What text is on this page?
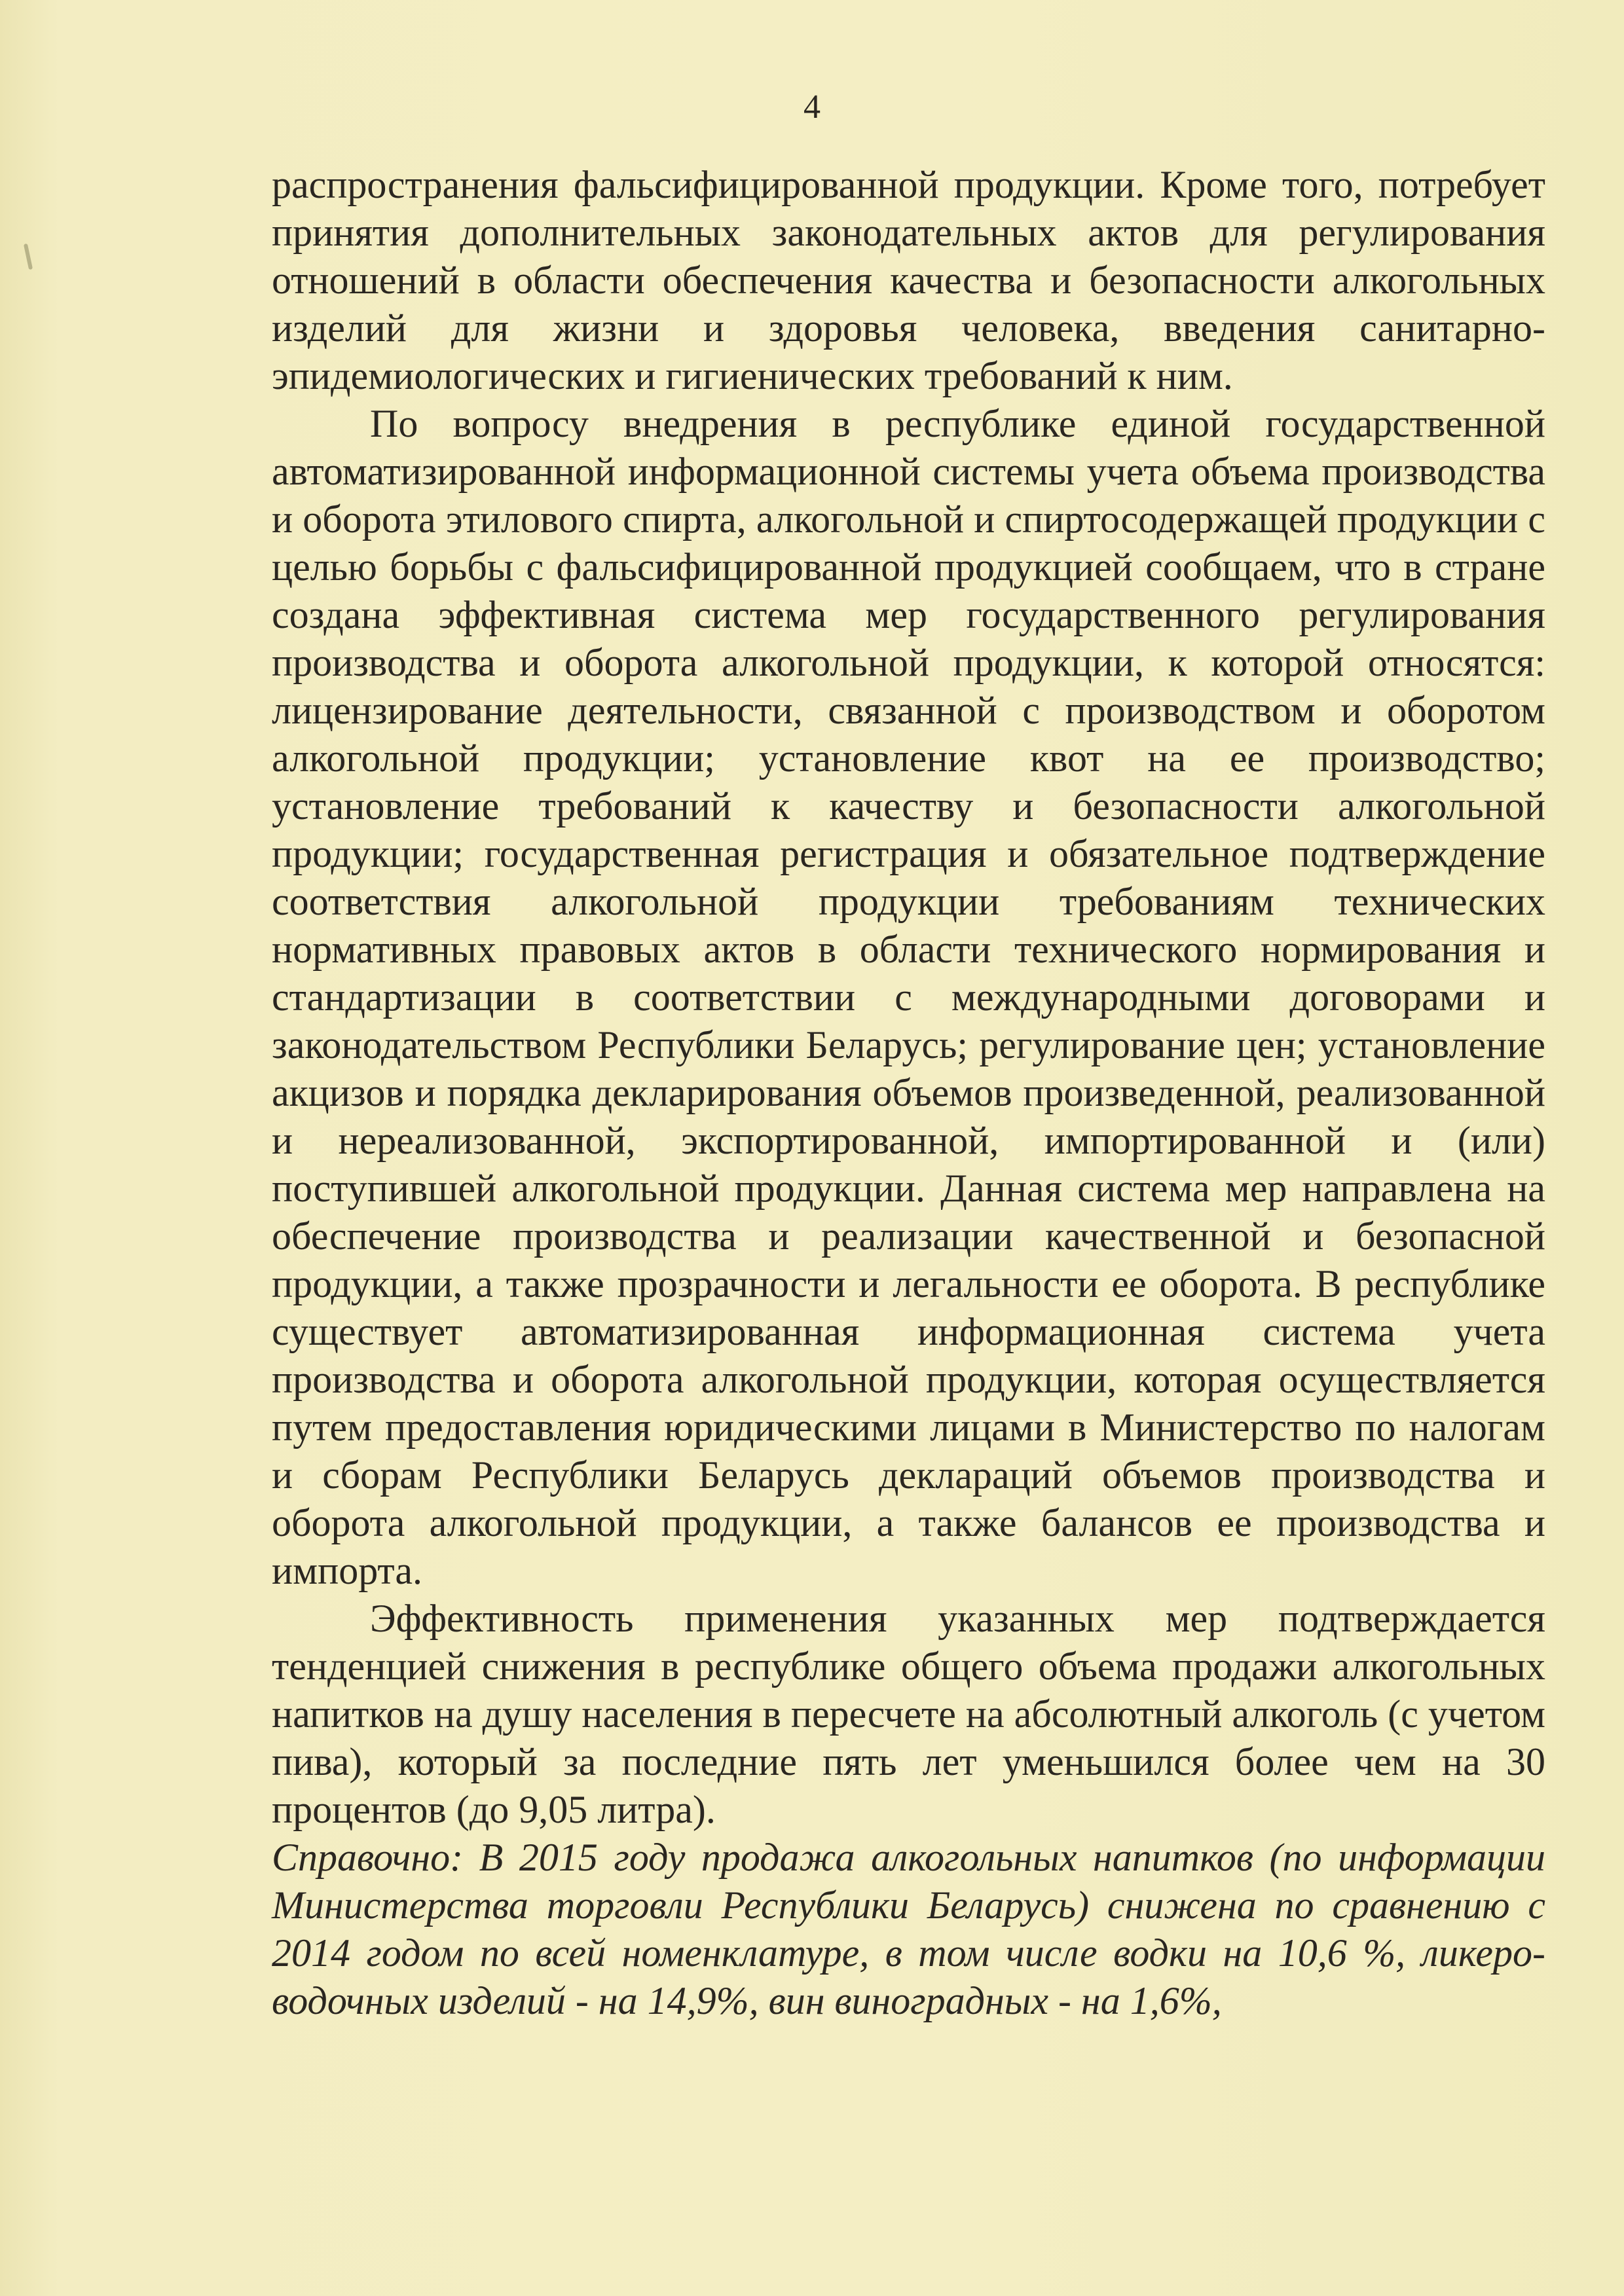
4

распространения фальсифицированной продукции. Кроме того, потребует принятия дополнительных законодательных актов для регулирования отношений в области обеспечения качества и безопасности алкогольных изделий для жизни и здоровья человека, введения санитарно-эпидемиологических и гигиенических требований к ним.

По вопросу внедрения в республике единой государственной автоматизированной информационной системы учета объема производства и оборота этилового спирта, алкогольной и спиртосодержащей продукции с целью борьбы с фальсифицированной продукцией сообщаем, что в стране создана эффективная система мер государственного регулирования производства и оборота алкогольной продукции, к которой относятся: лицензирование деятельности, связанной с производством и оборотом алкогольной продукции; установление квот на ее производство; установление требований к качеству и безопасности алкогольной продукции; государственная регистрация и обязательное подтверждение соответствия алкогольной продукции требованиям технических нормативных правовых актов в области технического нормирования и стандартизации в соответствии с международными договорами и законодательством Республики Беларусь; регулирование цен; установление акцизов и порядка декларирования объемов произведенной, реализованной и нереализованной, экспортированной, импортированной и (или) поступившей алкогольной продукции. Данная система мер направлена на обеспечение производства и реализации качественной и безопасной продукции, а также прозрачности и легальности ее оборота. В республике существует автоматизированная информационная система учета производства и оборота алкогольной продукции, которая осуществляется путем предоставления юридическими лицами в Министерство по налогам и сборам Республики Беларусь деклараций объемов производства и оборота алкогольной продукции, а также балансов ее производства и импорта.

Эффективность применения указанных мер подтверждается тенденцией снижения в республике общего объема продажи алкогольных напитков на душу населения в пересчете на абсолютный алкоголь (с учетом пива), который за последние пять лет уменьшился более чем на 30 процентов (до 9,05 литра).

Справочно: В 2015 году продажа алкогольных напитков (по информации Министерства торговли Республики Беларусь) снижена по сравнению с 2014 годом по всей номенклатуре, в том числе водки на 10,6 %, ликеро-водочных изделий - на 14,9%, вин виноградных - на 1,6%,
